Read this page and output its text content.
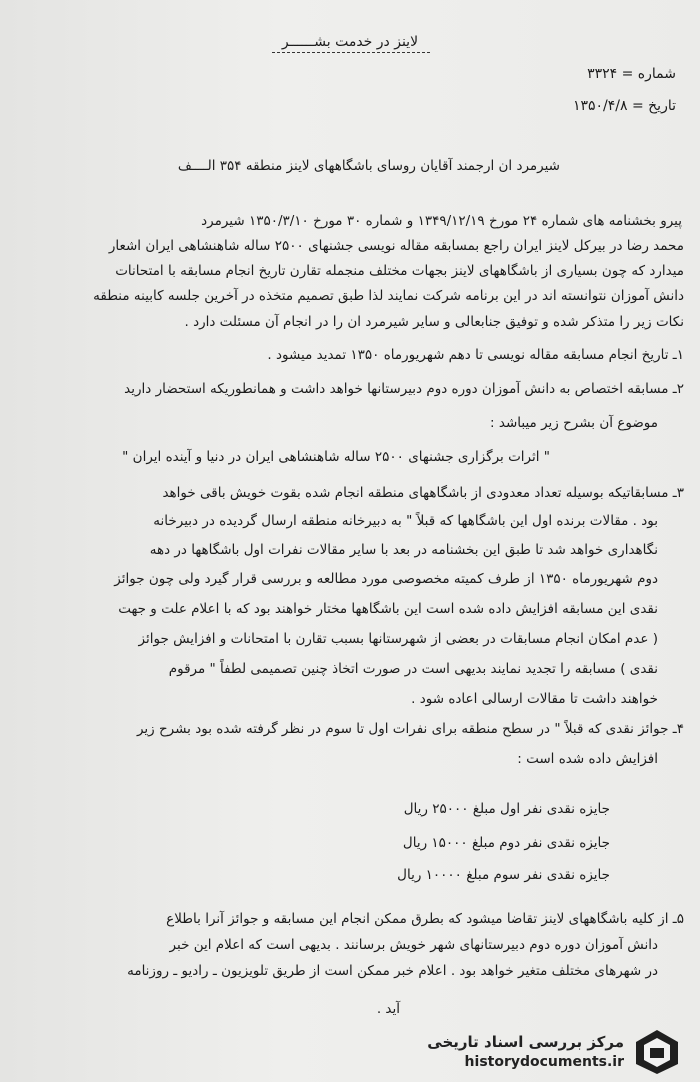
لاینز در خدمت بشــــــر
شماره = ۳۳۲۴
تاریخ = ۱۳۵۰/۴/۸
شیرمرد ان ارجمند آقایان روسای باشگاههای لاینز منطقه ۳۵۴ الــــف
پیرو بخشنامه های شماره ۲۴ مورخ ۱۳۴۹/۱۲/۱۹ و شماره ۳۰ مورخ ۱۳۵۰/۳/۱۰ شیرمرد
محمد رضا در بیرکل لاینز ایران راجع بمسابقه مقاله نویسی جشنهای ۲۵۰۰ ساله شاهنشاهی ایران اشعار
میدارد که چون بسیاری از باشگاههای لاینز بجهات مختلف منجمله تقارن تاریخ انجام مسابقه با امتحانات
دانش آموزان نتوانسته اند در این برنامه شرکت نمایند لذا طبق تصمیم متخذه در آخرین جلسه کابینه منطقه
نکات زیر را متذکر شده و توفیق جنابعالی و سایر شیرمرد ان را در انجام آن مسئلت دارد .
۱ـ تاریخ انجام مسابقه مقاله نویسی تا دهم شهریورماه ۱۳۵۰ تمدید میشود .
۲ـ مسابقه اختصاص به دانش آموزان دوره دوم دبیرستانها خواهد داشت و همانطوریکه استحضار دارید
موضوع آن بشرح زیر میباشد :
" اثرات برگزاری جشنهای ۲۵۰۰ ساله شاهنشاهی ایران در دنیا و آینده ایران "
۳ـ مسابقاتیکه بوسیله تعداد معدودی از باشگاههای منطقه انجام شده بقوت خویش باقی خواهد
بود . مقالات برنده اول این باشگاهها که قبلاً " به دبیرخانه منطقه ارسال گردیده در دبیرخانه
نگاهداری خواهد شد تا طبق این بخشنامه در بعد با سایر مقالات نفرات اول باشگاهها در دهه
دوم شهریورماه ۱۳۵۰ از طرف کمیته مخصوصی مورد مطالعه و بررسی قرار گیرد ولی چون جوائز
نقدی این مسابقه افزایش داده شده است این باشگاهها مختار خواهند بود که با اعلام علت و جهت
( عدم امکان انجام مسابقات در بعضی از شهرستانها بسبب تقارن با امتحانات و افزایش جوائز
نقدی ) مسابقه را تجدید نمایند بدیهی است در صورت اتخاذ چنین تصمیمی لطفاً " مرقوم
خواهند داشت تا مقالات ارسالی اعاده شود .
۴ـ جوائز نقدی که قبلاً " در سطح منطقه برای نفرات اول تا سوم در نظر گرفته شده بود بشرح زیر
افزایش داده شده است :
جایزه نقدی نفر اول مبلغ ۲۵۰۰۰ ریال
جایزه نقدی نفر دوم مبلغ ۱۵۰۰۰ ریال
جایزه نقدی نفر سوم مبلغ ۱۰۰۰۰ ریال
۵ـ از کلیه باشگاههای لاینز تقاضا میشود که بطرق ممکن انجام این مسابقه و جوائز آنرا باطلاع
دانش آموزان دوره دوم دبیرستانهای شهر خویش برسانند . بدیهی است که اعلام این خبر
در شهرهای مختلف متغیر خواهد بود . اعلام خبر ممکن است از طریق تلویزیون ـ رادیو ـ روزنامه
آید .
مرکز بررسی اسناد تاریخی
historydocuments.ir
